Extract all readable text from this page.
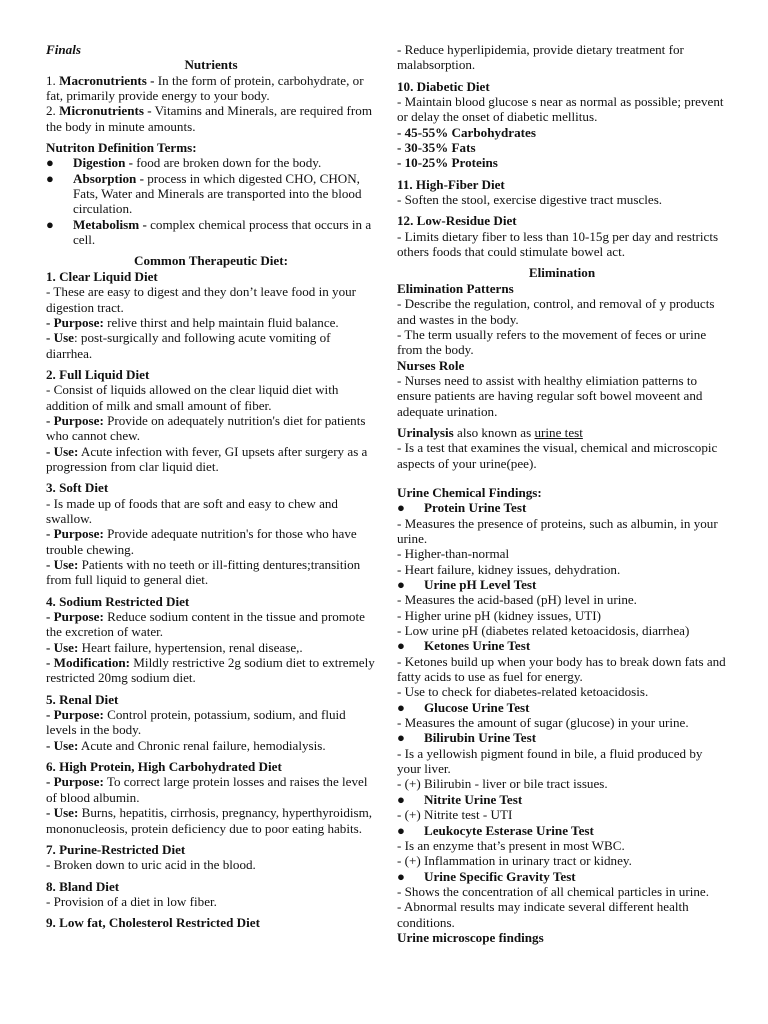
Finals

Nutrients

1. Macronutrients - In the form of protein, carbohydrate, or fat, primarily provide energy to your body.

2. Micronutrients - Vitamins and Minerals, are required from the body in minute amounts.

Nutriton Definition Terms:

● Digestion - food are broken down for the body.
● Absorption - process in which digested CHO, CHON, Fats, Water and Minerals are transported into the blood circulation.
● Metabolism - complex chemical process that occurs in a cell.

Common Therapeutic Diet:

1. Clear Liquid Diet

- These are easy to digest and they don’t leave food in your digestion tract.

- Purpose: relive thirst and help maintain fluid balance.

- Use: post-surgically and following acute vomiting of diarrhea.

2. Full Liquid Diet

- Consist of liquids allowed on the clear liquid diet with addition of milk and small amount of fiber.

- Purpose: Provide on adequately nutrition's diet for patients who cannot chew.

- Use: Acute infection with fever, GI upsets after surgery as a progression from clar liquid diet.

3. Soft Diet

- Is made up of foods that are soft and easy to chew and swallow.

- Purpose: Provide adequate nutrition's for those who have trouble chewing.

- Use: Patients with no teeth or ill-fitting dentures;transition from full liquid to general diet.

4. Sodium Restricted Diet

- Purpose: Reduce sodium content in the tissue and promote the excretion of water.

- Use: Heart failure, hypertension, renal disease,.

- Modification: Mildly restrictive 2g sodium diet to extremely restricted 20mg sodium diet.

5. Renal Diet

- Purpose: Control protein, potassium, sodium, and fluid levels in the body.

- Use: Acute and Chronic renal failure, hemodialysis.

6. High Protein, High Carbohydrated Diet

- Purpose: To correct large protein losses and raises the level of blood albumin.

- Use: Burns, hepatitis, cirrhosis, pregnancy, hyperthyroidism, mononucleosis, protein deficiency due to poor eating habits.

7. Purine-Restricted Diet

- Broken down to uric acid in the blood.

8. Bland Diet

- Provision of a diet in low fiber.

9. Low fat, Cholesterol Restricted Diet

- Reduce hyperlipidemia, provide dietary treatment for malabsorption.

10. Diabetic Diet

- Maintain blood glucose s near as normal as possible; prevent or delay the onset of diabetic mellitus.

- 45-55% Carbohydrates

- 30-35% Fats

- 10-25% Proteins

11. High-Fiber Diet

- Soften the stool, exercise digestive tract muscles.

12. Low-Residue Diet

- Limits dietary fiber to less than 10-15g per day and restricts others foods that could stimulate bowel act.

Elimination

Elimination Patterns

- Describe the regulation, control, and removal of y products and wastes in the body.

- The term usually refers to the movement of feces or urine from the body.

Nurses Role

- Nurses need to assist with healthy elimiation patterns to ensure patients are having regular soft bowel moveent and adequate urination.

Urinalysis also known as urine test

- Is a test that examines the visual, chemical and microscopic aspects of your urine(pee).

Urine Chemical Findings:

● Protein Urine Test

- Measures the presence of proteins, such as albumin, in your urine.

- Higher-than-normal

- Heart failure, kidney issues, dehydration.

● Urine pH Level Test

- Measures the acid-based (pH) level in urine.

- Higher urine pH (kidney issues, UTI)

- Low urine pH (diabetes related ketoacidosis, diarrhea)

● Ketones Urine Test

- Ketones build up when your body has to break down fats and fatty acids to use as fuel for energy.

- Use to check for diabetes-related ketoacidosis.

● Glucose Urine Test

- Measures the amount of sugar (glucose) in your urine.

● Bilirubin Urine Test

- Is a yellowish pigment found in bile, a fluid produced by your liver.

- (+) Bilirubin - liver or bile tract issues.

● Nitrite Urine Test

- (+) Nitrite test - UTI

● Leukocyte Esterase Urine Test

- Is an enzyme that’s present in most WBC.

- (+) Inflammation in urinary tract or kidney.

● Urine Specific Gravity Test

- Shows the concentration of all chemical particles in urine.

- Abnormal results may indicate several different health conditions.

Urine microscope findings
